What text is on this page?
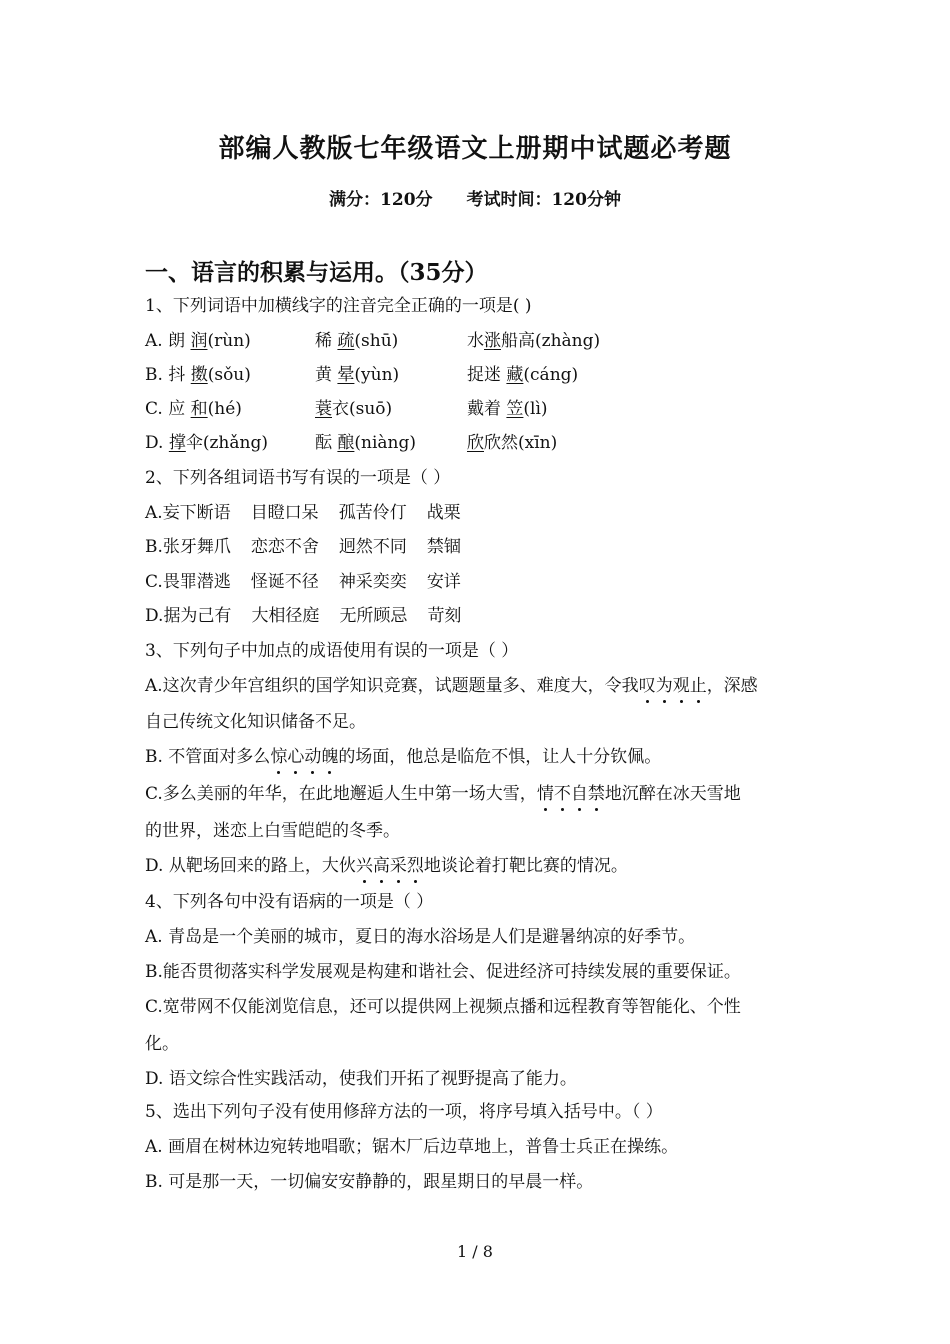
部编人教版七年级语文上册期中试题必考题
满分：120分 考试时间：120分钟
一、语言的积累与运用。（35分）
1、下列词语中加横线字的注音完全正确的一项是( )
A. 朗 润(rùn)	稀 疏(shū)	水涨船高(zhàng)
B. 抖 擞(sǒu)	黄 晕(yùn)	捉迷 藏(cáng)
C. 应 和(hé)	蓑衣(suō)	戴着 笠(lì)
D. 撑伞(zhǎng)	酝 酿(niàng)	欣欣然(xīn)
2、下列各组词语书写有误的一项是（ ）
A.妄下断语 目瞪口呆 孤苦伶仃 战栗
B.张牙舞爪 恋恋不舍 迥然不同 禁锢
C.畏罪潜逃 怪诞不径 神采奕奕 安详
D.据为己有 大相径庭 无所顾忌 苛刻
3、下列句子中加点的成语使用有误的一项是（ ）
A.这次青少年宫组织的国学知识竞赛，试题题量多、难度大，令我叹为观止，深感
自己传统文化知识储备不足。
B. 不管面对多么惊心动魄的场面，他总是临危不惧，让人十分钦佩。
C.多么美丽的年华，在此地邂逅人生中第一场大雪，情不自禁地沉醉在冰天雪地
的世界，迷恋上白雪皑皑的冬季。
D. 从靶场回来的路上，大伙兴高采烈地谈论着打靶比赛的情况。
4、下列各句中没有语病的一项是（ ）
A. 青岛是一个美丽的城市，夏日的海水浴场是人们是避暑纳凉的好季节。
B.能否贯彻落实科学发展观是构建和谐社会、促进经济可持续发展的重要保证。
C.宽带网不仅能浏览信息，还可以提供网上视频点播和远程教育等智能化、个性
化。
D. 语文综合性实践活动，使我们开拓了视野提高了能力。
5、选出下列句子没有使用修辞方法的一项，将序号填入括号中。（ ）
A. 画眉在树林边宛转地唱歌；锯木厂后边草地上，普鲁士兵正在操练。
B. 可是那一天，一切偏安安静静的，跟星期日的早晨一样。
1 / 8
